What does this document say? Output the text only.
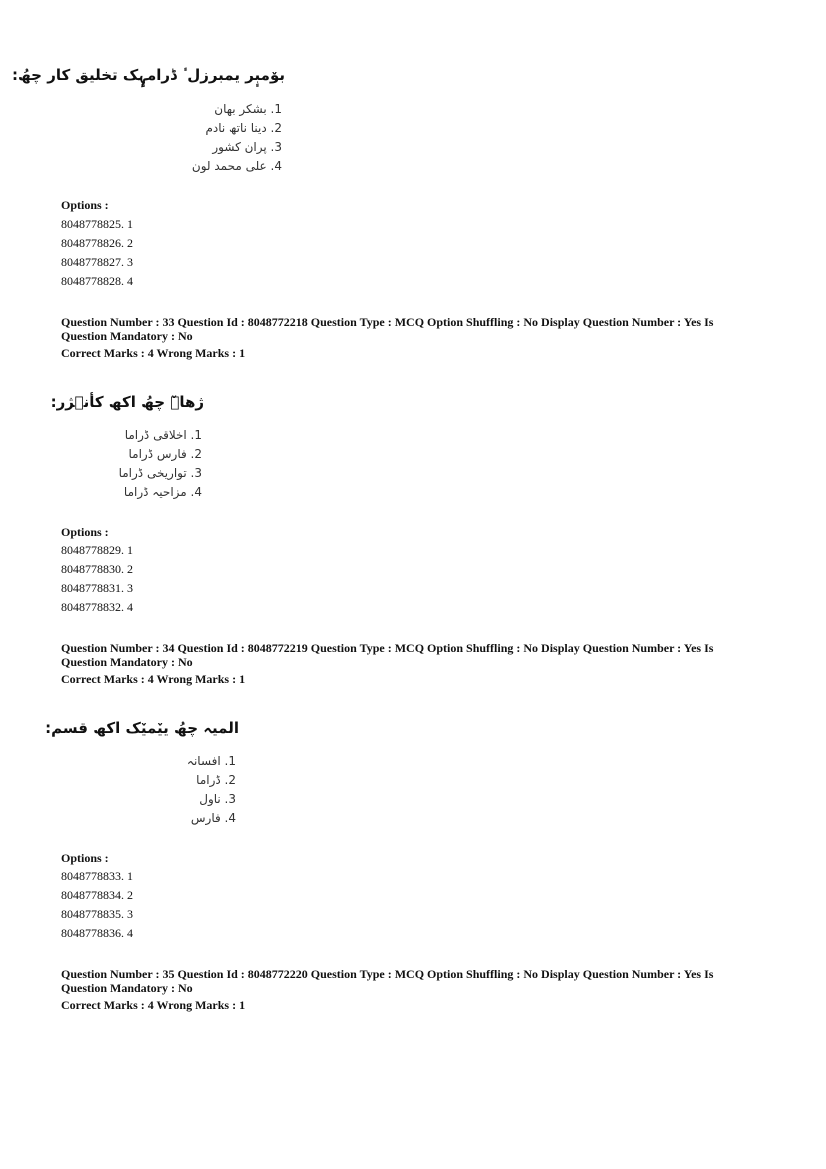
بوٚمبٕر یمبرزل ٔ ڈرامہٕک تخلیق کار چھُ:
1. بشکر بھان
2. دینا ناتھ نادم
3. پران کشور
4. علی محمد لون
Options :
8048778825. 1
8048778826. 2
8048778827. 3
8048778828. 4
Question Number : 33 Question Id : 8048772218 Question Type : MCQ Option Shuffling : No Display Question Number : Yes Is
Question Mandatory : No
Correct Marks : 4 Wrong Marks : 1
ژھاےٚ چھُ اکھ کأنٛژر:
1. اخلاقی ڈراما
2. فارس ڈراما
3. تواریخی ڈراما
4. مزاحیہ ڈراما
Options :
8048778829. 1
8048778830. 2
8048778831. 3
8048778832. 4
Question Number : 34 Question Id : 8048772219 Question Type : MCQ Option Shuffling : No Display Question Number : Yes Is
Question Mandatory : No
Correct Marks : 4 Wrong Marks : 1
المیہ چھُ ییٚمیٚک اکھ قسم:
1. افسانہ
2. ڈراما
3. ناول
4. فارس
Options :
8048778833. 1
8048778834. 2
8048778835. 3
8048778836. 4
Question Number : 35 Question Id : 8048772220 Question Type : MCQ Option Shuffling : No Display Question Number : Yes Is
Question Mandatory : No
Correct Marks : 4 Wrong Marks : 1
